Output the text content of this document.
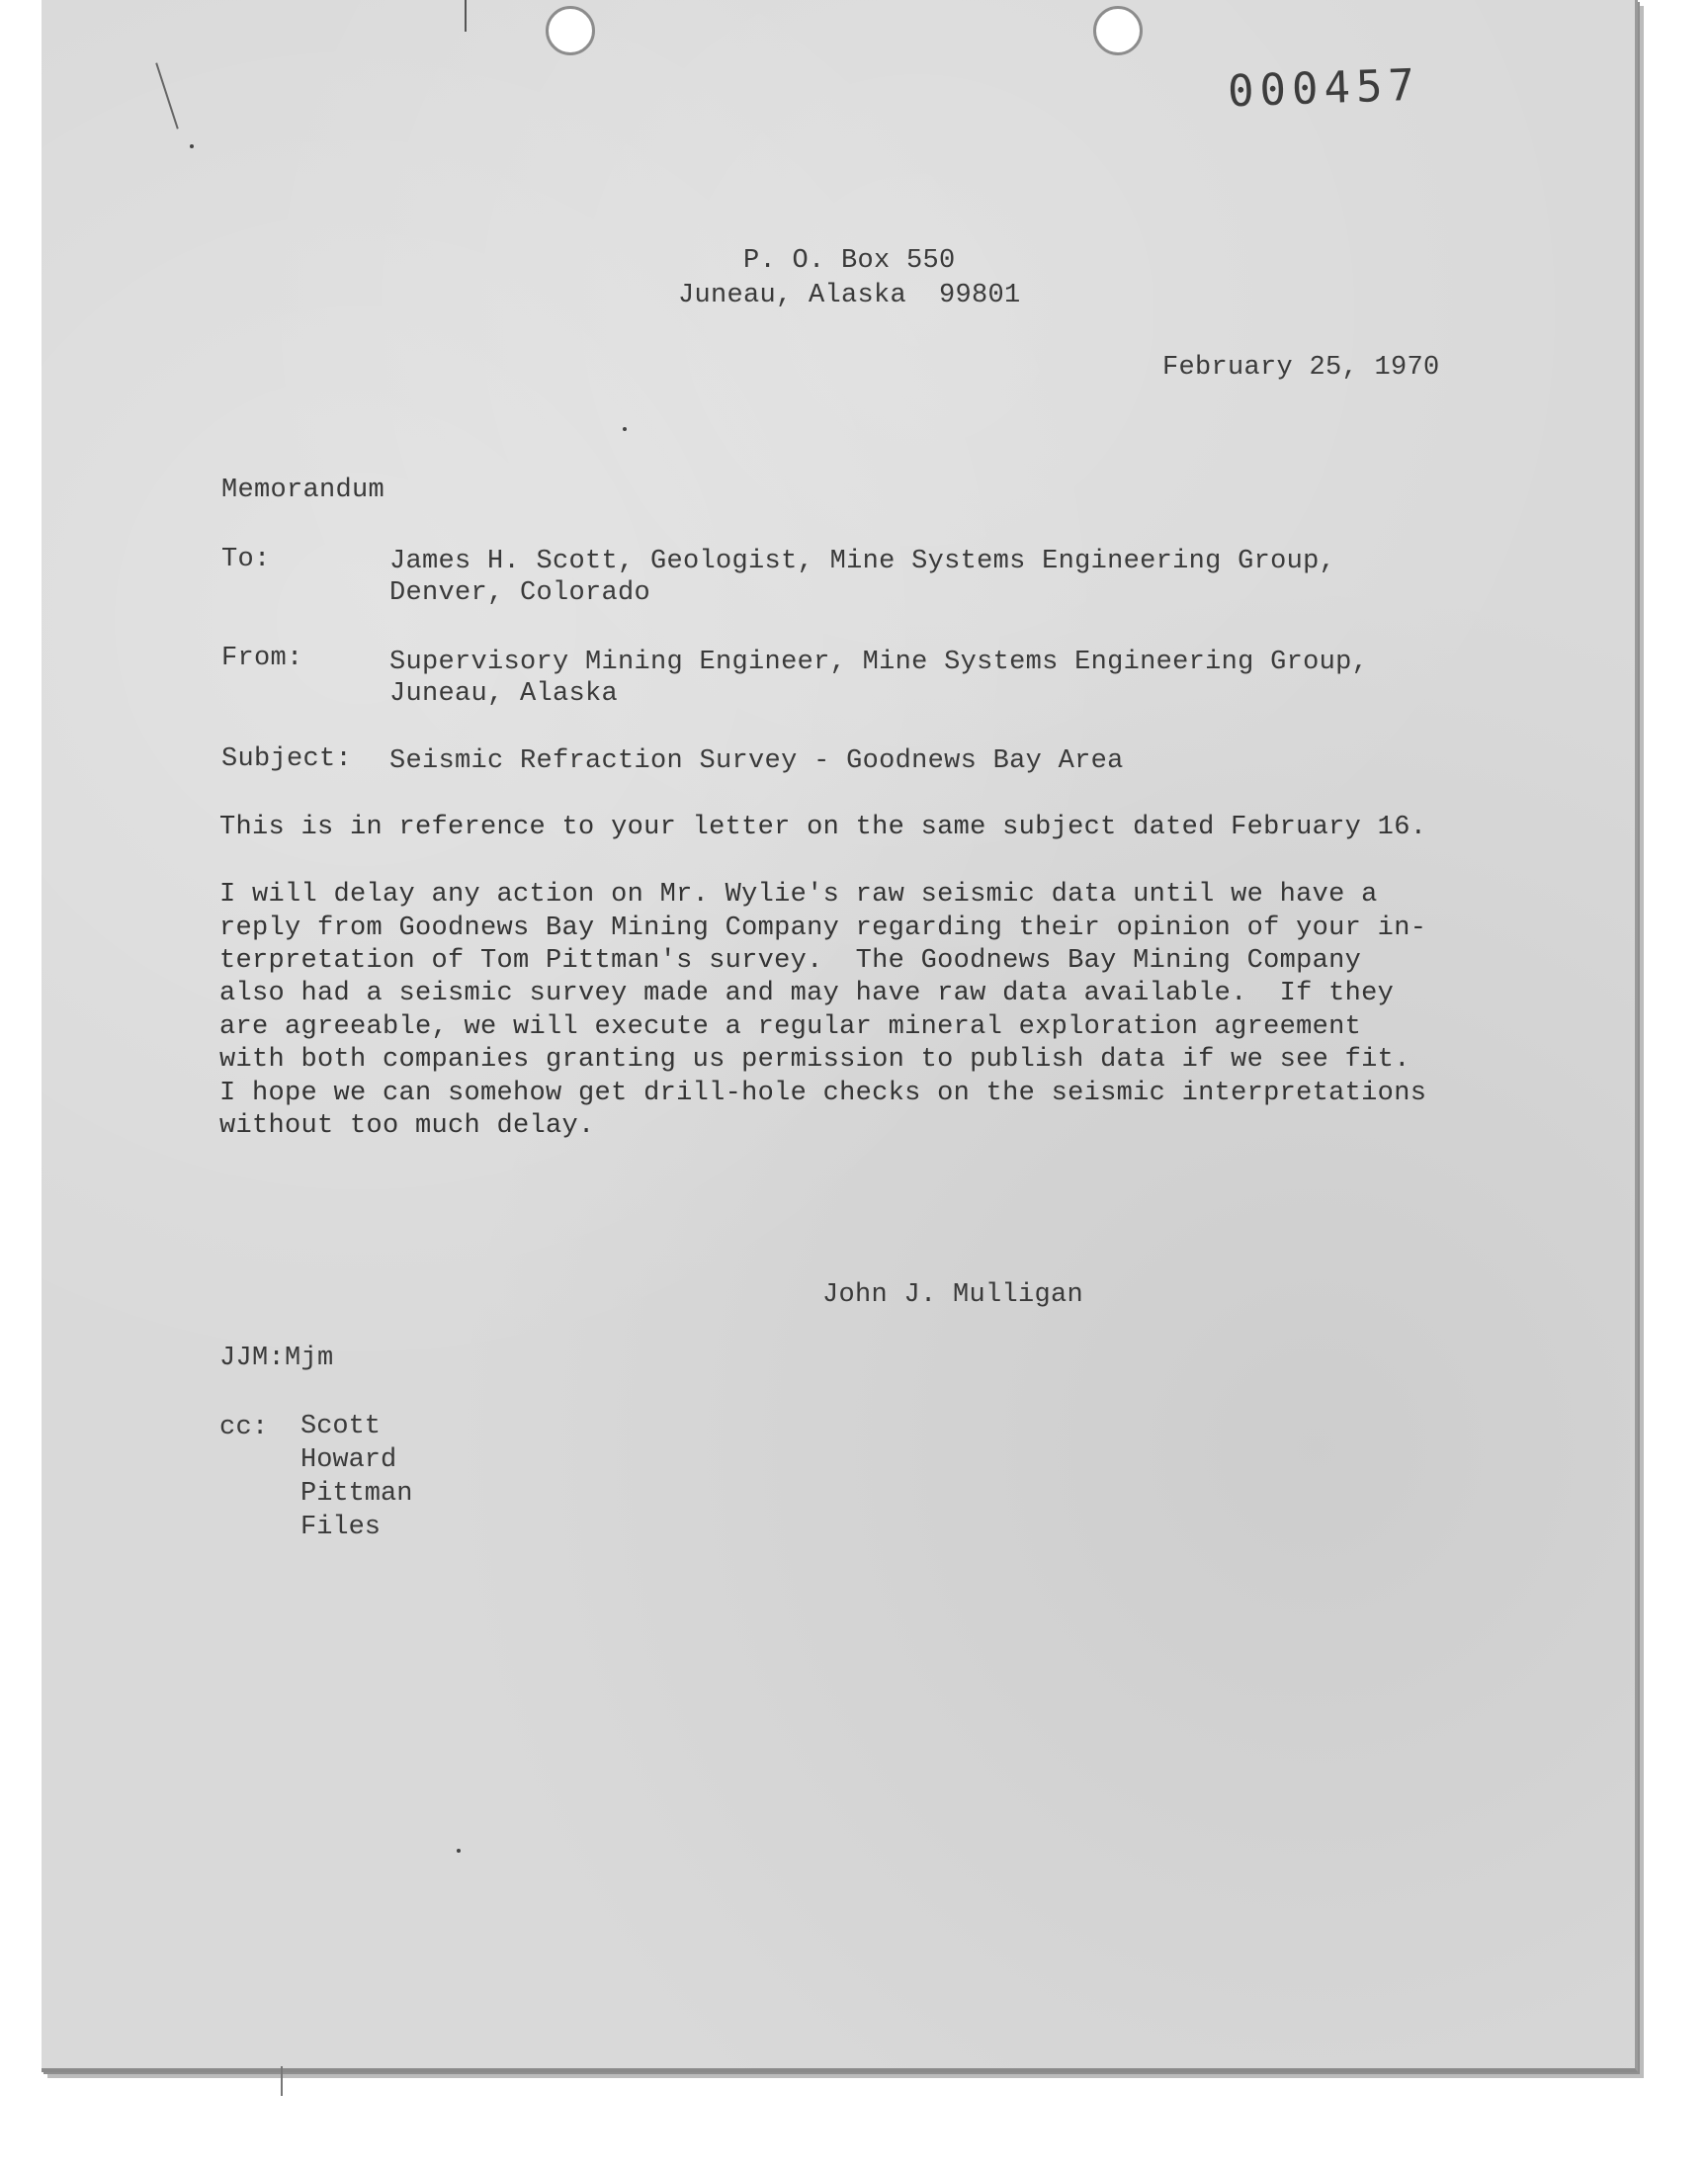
000457
P. O. Box 550
Juneau, Alaska  99801
February 25, 1970
Memorandum
To:	James H. Scott, Geologist, Mine Systems Engineering Group,
Denver, Colorado
From:	Supervisory Mining Engineer, Mine Systems Engineering Group,
Juneau, Alaska
Subject: Seismic Refraction Survey - Goodnews Bay Area
This is in reference to your letter on the same subject dated February 16.
I will delay any action on Mr. Wylie's raw seismic data until we have a
reply from Goodnews Bay Mining Company regarding their opinion of your in-
terpretation of Tom Pittman's survey.  The Goodnews Bay Mining Company
also had a seismic survey made and may have raw data available.  If they
are agreeable, we will execute a regular mineral exploration agreement
with both companies granting us permission to publish data if we see fit.
I hope we can somehow get drill-hole checks on the seismic interpretations
without too much delay.
John J. Mulligan
JJM:Mjm
cc: Scott
Howard
Pittman
Files
